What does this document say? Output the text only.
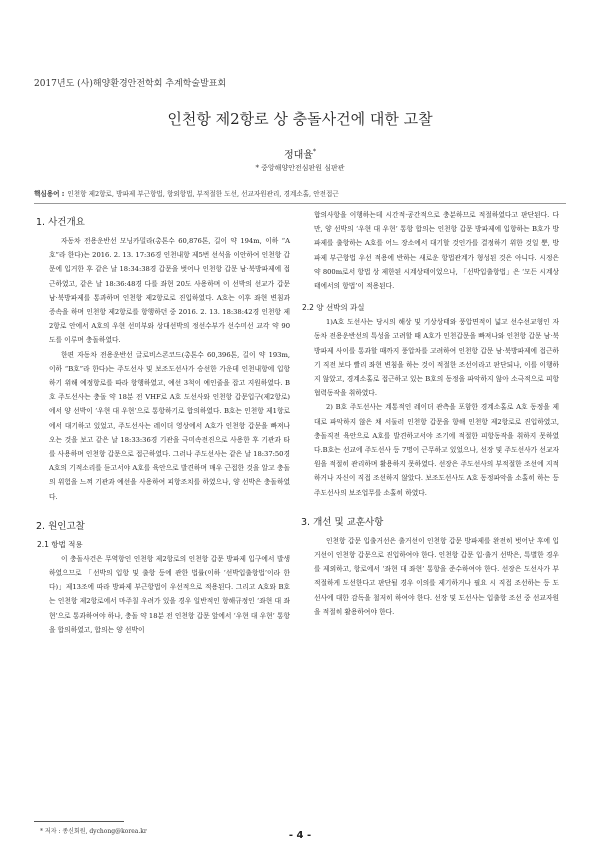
2017년도 (사)해양환경안전학회 추계학술발표회
인천항 제2항로 상 충돌사건에 대한 고찰
정대율*
* 중앙해양안전심판원 심판관
핵심용어 : 인천항 제2항로, 방파제 부근항법, 항외항법, 부적절한 도선, 선교자원관리, 경계소홀, 안전접근
1. 사건개요

자동차 전용운반선 모닝카밀라(총톤수 60,876톤, 길이 약 194m, 이하 “A호”라 한다)는 2016. 2. 13. 17:36경 인천내항 제5번 선석을 이안하여 인천항 갑문에 입거한 후 같은 날 18:34:38경 갑문을 벗어나 인천항 갑문 남·북방파제에 접근하였고, 같은 날 18:36:48경 다를 좌현 20도 사용하며 이 선박의 선교가 갑문 남·북방파제를 통과하며 인천항 제2항로로 진입하였다. A호는 이후 좌현 변침과 증속을 하며 인천항 제2항로를 항행하던 중 2016. 2. 13. 18:38:42경 인천항 제2항로 안에서 A호의 우현 선미부와 상대선박의 정선수부가 선수미선 교각 약 90도를 이루며 충돌하였다.

한편 자동차 전용운반선 글로비스콘코드(총톤수 60,396톤, 길이 약 193m, 이하 “B호”라 한다)는 주도선사 및 보조도선사가 승선한 가운데 인천내항에 입항하기 위해 예정항로를 따라 항행하였고, 예선 3척이 예인줄을 잡고 지원하였다. B호 주도선사는 충돌 약 18분 전 VHF로 A호 도선사와 인천항 갑문입구(제2항로)에서 양 선박이 ‘우현 대 우현’으로 통항하기로 합의하였다. B호는 인천항 제1항로에서 대기하고 있었고, 주도선사는 레이더 영상에서 A호가 인천항 갑문을 빠져나오는 것을 보고 같은 날 18:33:36경 기관을 극미속전진으로 사용한 후 기관과 타를 사용하며 인천항 갑문으로 접근하였다. 그러나 주도선사는 같은 날 18:37:50경 A호의 기적소리를 듣고서야 A호를 육안으로 발견하며 매우 근접한 것을 알고 충돌의 위험을 느껴 기관과 예선을 사용하여 피항조치를 하였으나, 양 선박은 충돌하였다.

2. 원인고찰
2.1 항법 적용

이 충돌사건은 무역항인 인천항 제2항로의 인천항 갑문 방파제 입구에서 발생하였으므로 「선박의 입항 및 출항 등에 관한 법률(이하 ‘선박입출항법’이라 한다)」제13조에 따라 방파제 부근항법이 우선적으로 적용된다. 그리고 A호와 B호는 인천항 제2항로에서 마주칠 우려가 있을 경우 일반적인 항해규정인 ‘좌현 대 좌현’으로 통과하여야 하나, 충돌 약 18분 전 인천항 갑문 앞에서 ‘우현 대 우현’ 통항을 합의하였고, 합의는 양 선박이

합의사항을 이행하는데 시간적·공간적으로 충분하므로 적절하였다고 판단된다. 다만, 양 선박의 ‘우현 대 우현’ 통항 합의는 인천항 갑문 방파제에 입항하는 B호가 방파제를 출항하는 A호를 어느 장소에서 대기할 것인가를 결정하기 위한 것일 뿐, 방파제 부근항법 우선 적용에 반하는 새로운 항법관계가 형성된 것은 아니다. 시정은 약 800m로서 항법 상 제한된 시계상태이었으나, 「선박입출항법」은 ‘모든 시계상태에서의 항법’이 적용된다.

2.2 양 선박의 과실

1)A호 도선사는 당시의 해상 및 기상상태와 풍압면적이 넓고 선수선교형인 자동차 전용운반선의 특성을 고려할 때 A호가 인천갑문을 빠져나와 인천항 갑문 남·북방파제 사이를 통과할 때까지 풍압차를 고려하여 인천항 갑문 남·북방파제에 접근하기 직전 보다 빨리 좌현 변침을 하는 것이 적절한 조선이라고 판단되나, 이를 이행하지 않았고, 경계소홀로 접근하고 있는 B호의 동정을 파악하지 않아 소극적으로 피항협력동작을 취하였다.

2) B호 주도선사는 계통적인 레이더 관측을 포함한 경계소홀로 A호 동정을 제대로 파악하지 않은 채 서둘러 인천항 갑문을 향해 인천항 제2항로로 진입하였고, 충돌직전 육안으로 A호를 발견하고서야 조기에 적절한 피항동작을 취하지 못하였다.B호는 선교에 주도선사 등 7명이 근무하고 있었으나, 선장 및 주도선사가 선교자원을 적절히 관리하며 활용하지 못하였다. 선장은 주도선사의 부적절한 조선에 지적하거나 자신이 직접 조선하지 않았다. 보조도선사도 A호 동정파악을 소홀히 하는 등 주도선사의 보조업무를 소홀히 하였다.

3. 개선 및 교훈사항

인천항 갑문 입출거선은 출거선이 인천항 갑문 방파제를 완전히 벗어난 후에 입거선이 인천항 갑문으로 진입하여야 한다. 인천항 갑문 입·출거 선박은, 특별한 경우를 제외하고, 항로에서 ‘좌현 대 좌현’ 통항을 준수하여야 한다. 선장은 도선사가 부적절하게 도선한다고 판단될 경우 이의를 제기하거나 필요 시 직접 조선하는 등 도선사에 대한 감독을 철저히 하여야 한다. 선장 및 도선사는 입출항 조선 중 선교자원을 적절히 활용하여야 한다.

* 저자 : 종신회원, dychong@korea.kr	- 4 -
